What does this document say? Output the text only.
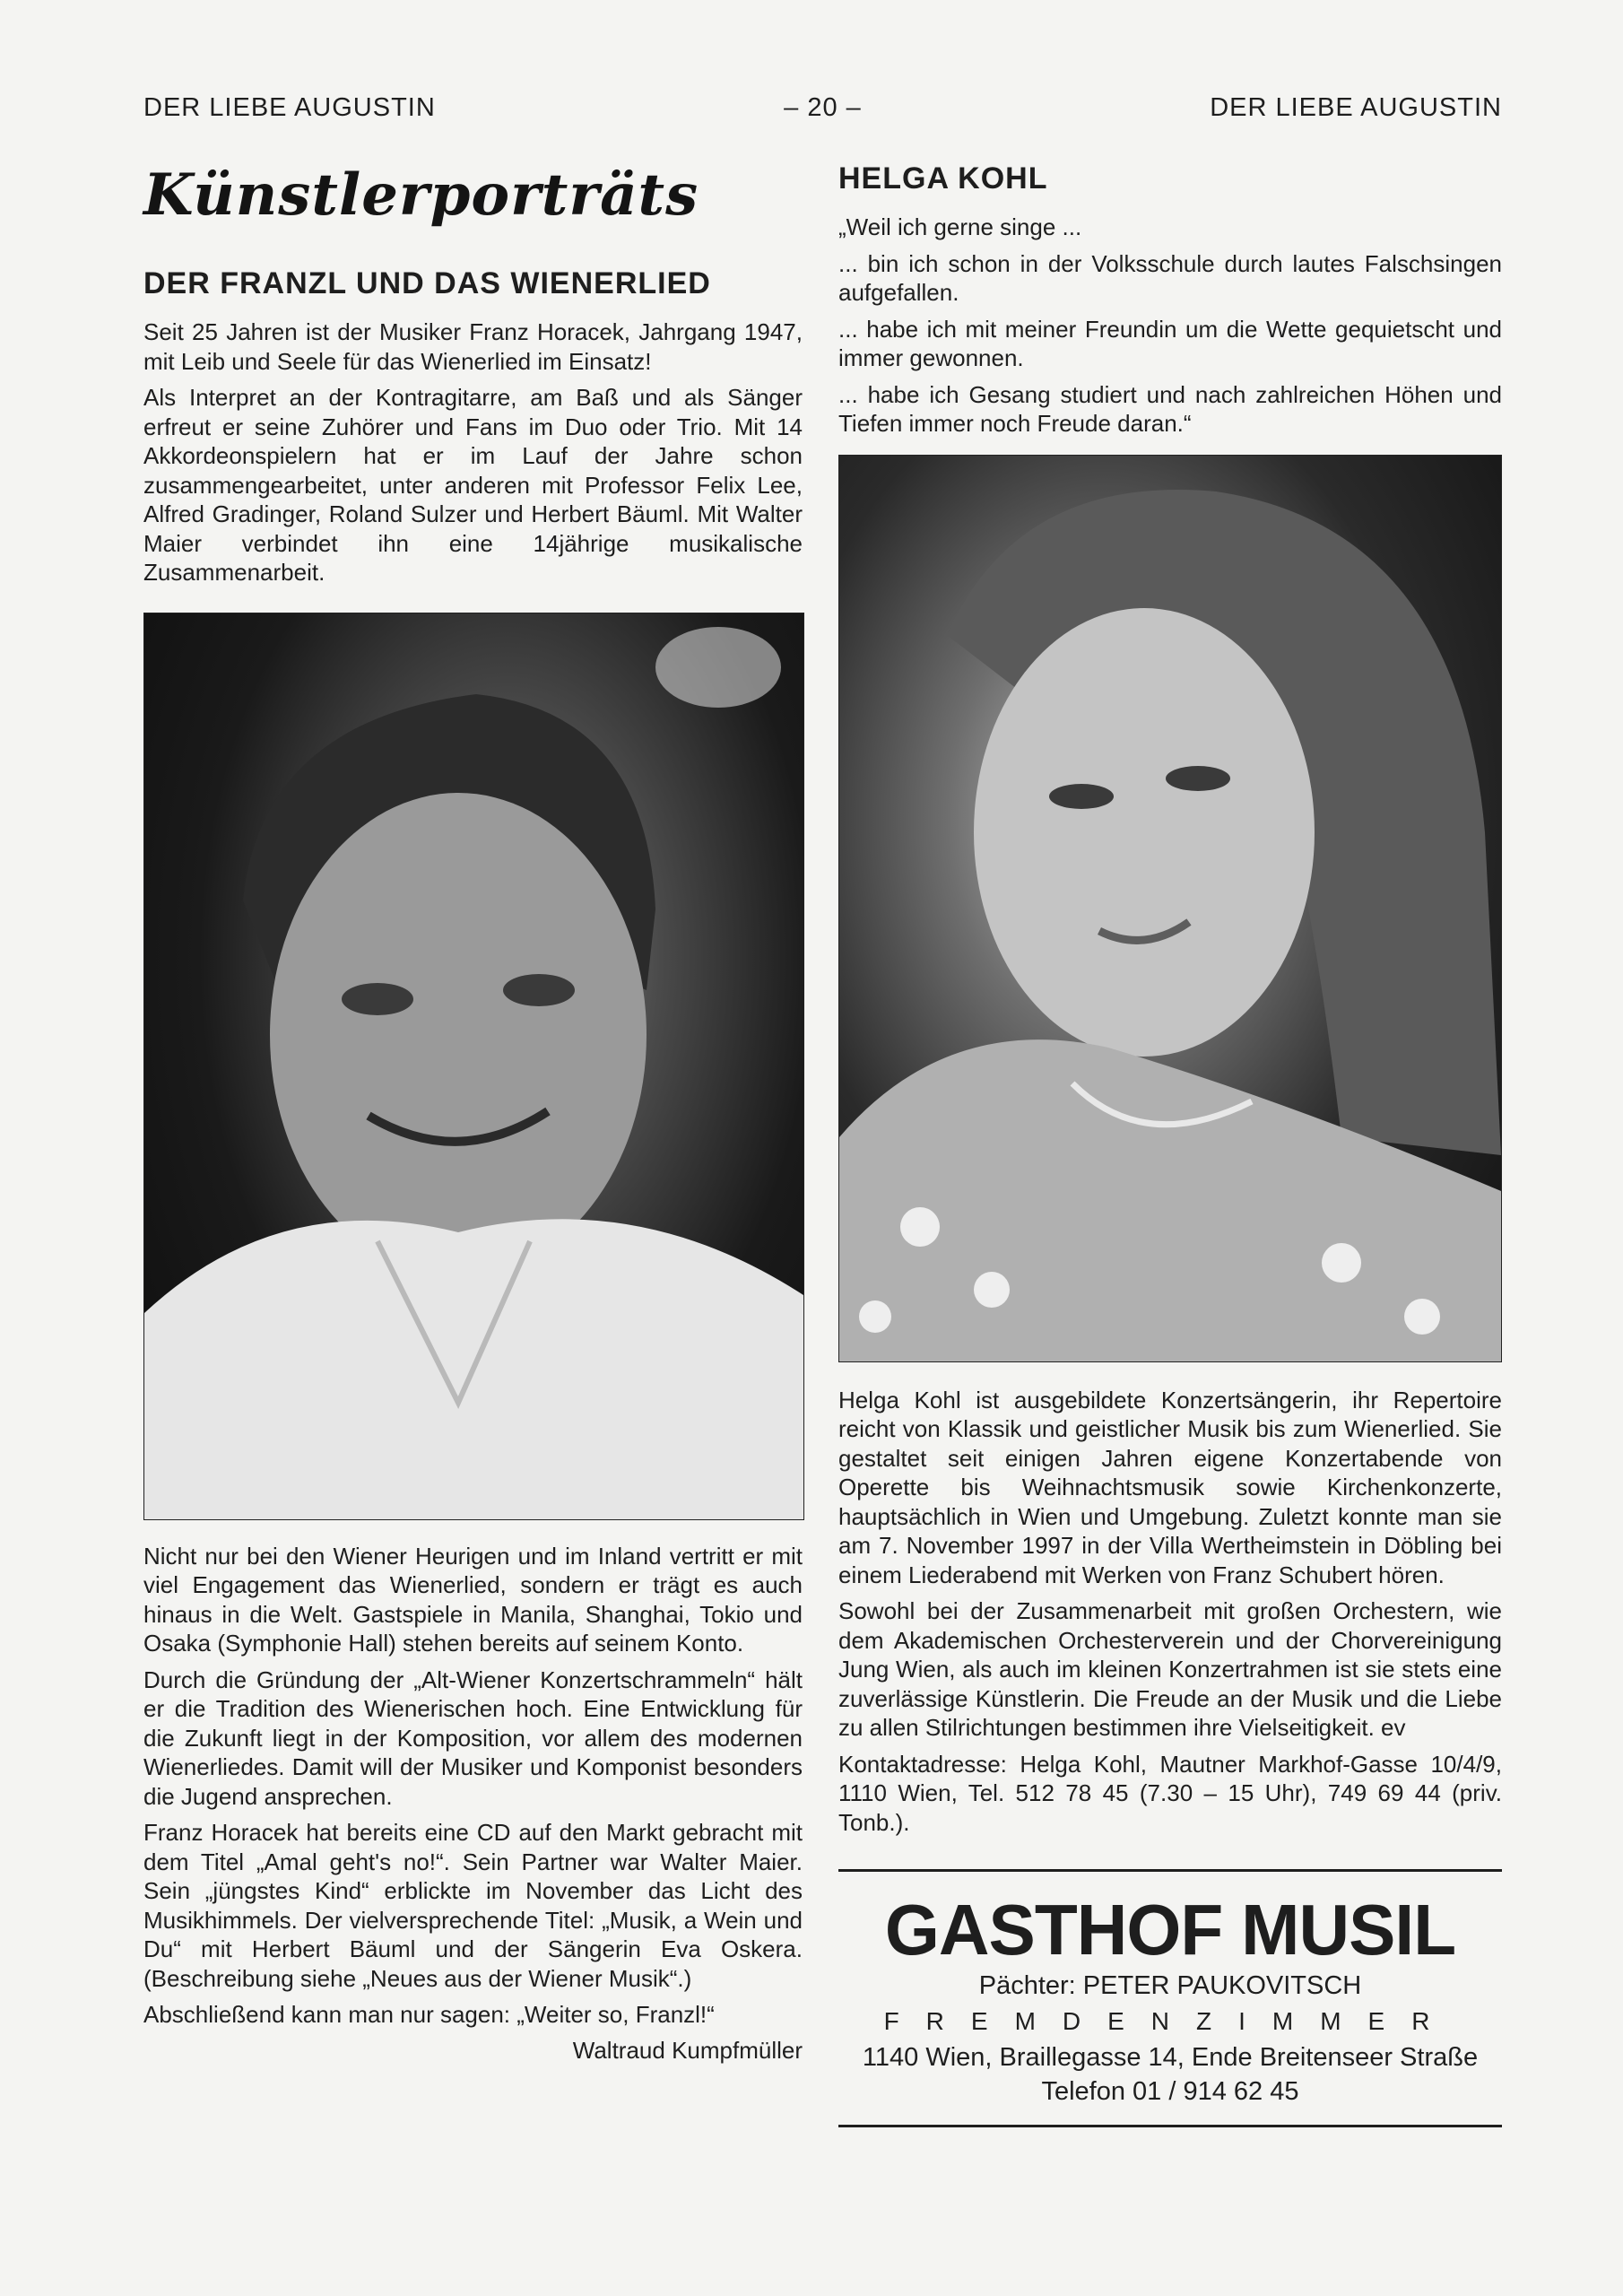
DER LIEBE AUGUSTIN	– 20 –	DER LIEBE AUGUSTIN
Künstlerporträts
DER FRANZL UND DAS WIENERLIED

Seit 25 Jahren ist der Musiker Franz Horacek, Jahrgang 1947, mit Leib und Seele für das Wienerlied im Einsatz!

Als Interpret an der Kontragitarre, am Baß und als Sänger erfreut er seine Zuhörer und Fans im Duo oder Trio. Mit 14 Akkordeonspielern hat er im Lauf der Jahre schon zusammengearbeitet, unter anderen mit Professor Felix Lee, Alfred Gradinger, Roland Sulzer und Herbert Bäuml. Mit Walter Maier verbindet ihn eine 14jährige musikalische Zusammenarbeit.

Nicht nur bei den Wiener Heurigen und im Inland vertritt er mit viel Engagement das Wienerlied, sondern er trägt es auch hinaus in die Welt. Gastspiele in Manila, Shanghai, Tokio und Osaka (Symphonie Hall) stehen bereits auf seinem Konto.

Durch die Gründung der „Alt-Wiener Konzertschrammeln“ hält er die Tradition des Wienerischen hoch. Eine Entwicklung für die Zukunft liegt in der Komposition, vor allem des modernen Wienerliedes. Damit will der Musiker und Komponist besonders die Jugend ansprechen.

Franz Horacek hat bereits eine CD auf den Markt gebracht mit dem Titel „Amal geht's no!“. Sein Partner war Walter Maier. Sein „jüngstes Kind“ erblickte im November das Licht des Musikhimmels. Der vielversprechende Titel: „Musik, a Wein und Du“ mit Herbert Bäuml und der Sängerin Eva Oskera. (Beschreibung siehe „Neues aus der Wiener Musik“.)

Abschließend kann man nur sagen: „Weiter so, Franzl!“

Waltraud Kumpfmüller
HELGA KOHL

„Weil ich gerne singe ...

... bin ich schon in der Volksschule durch lautes Falschsingen aufgefallen.

... habe ich mit meiner Freundin um die Wette gequietscht und immer gewonnen.

... habe ich Gesang studiert und nach zahlreichen Höhen und Tiefen immer noch Freude daran.“

Helga Kohl ist ausgebildete Konzertsängerin, ihr Repertoire reicht von Klassik und geistlicher Musik bis zum Wienerlied. Sie gestaltet seit einigen Jahren eigene Konzertabende von Operette bis Weihnachtsmusik sowie Kirchenkonzerte, hauptsächlich in Wien und Umgebung. Zuletzt konnte man sie am 7. November 1997 in der Villa Wertheimstein in Döbling bei einem Liederabend mit Werken von Franz Schubert hören.

Sowohl bei der Zusammenarbeit mit großen Orchestern, wie dem Akademischen Orchesterverein und der Chorvereinigung Jung Wien, als auch im kleinen Konzertrahmen ist sie stets eine zuverlässige Künstlerin. Die Freude an der Musik und die Liebe zu allen Stilrichtungen bestimmen ihre Vielseitigkeit. ev

Kontaktadresse: Helga Kohl, Mautner Markhof-Gasse 10/4/9, 1110 Wien, Tel. 512 78 45 (7.30 – 15 Uhr), 749 69 44 (priv. Tonb.).

GASTHOF MUSIL
Pächter: PETER PAUKOVITSCH
FREMDENZIMMER
1140 Wien, Braillegasse 14, Ende Breitenseer Straße
Telefon 01 / 914 62 45
